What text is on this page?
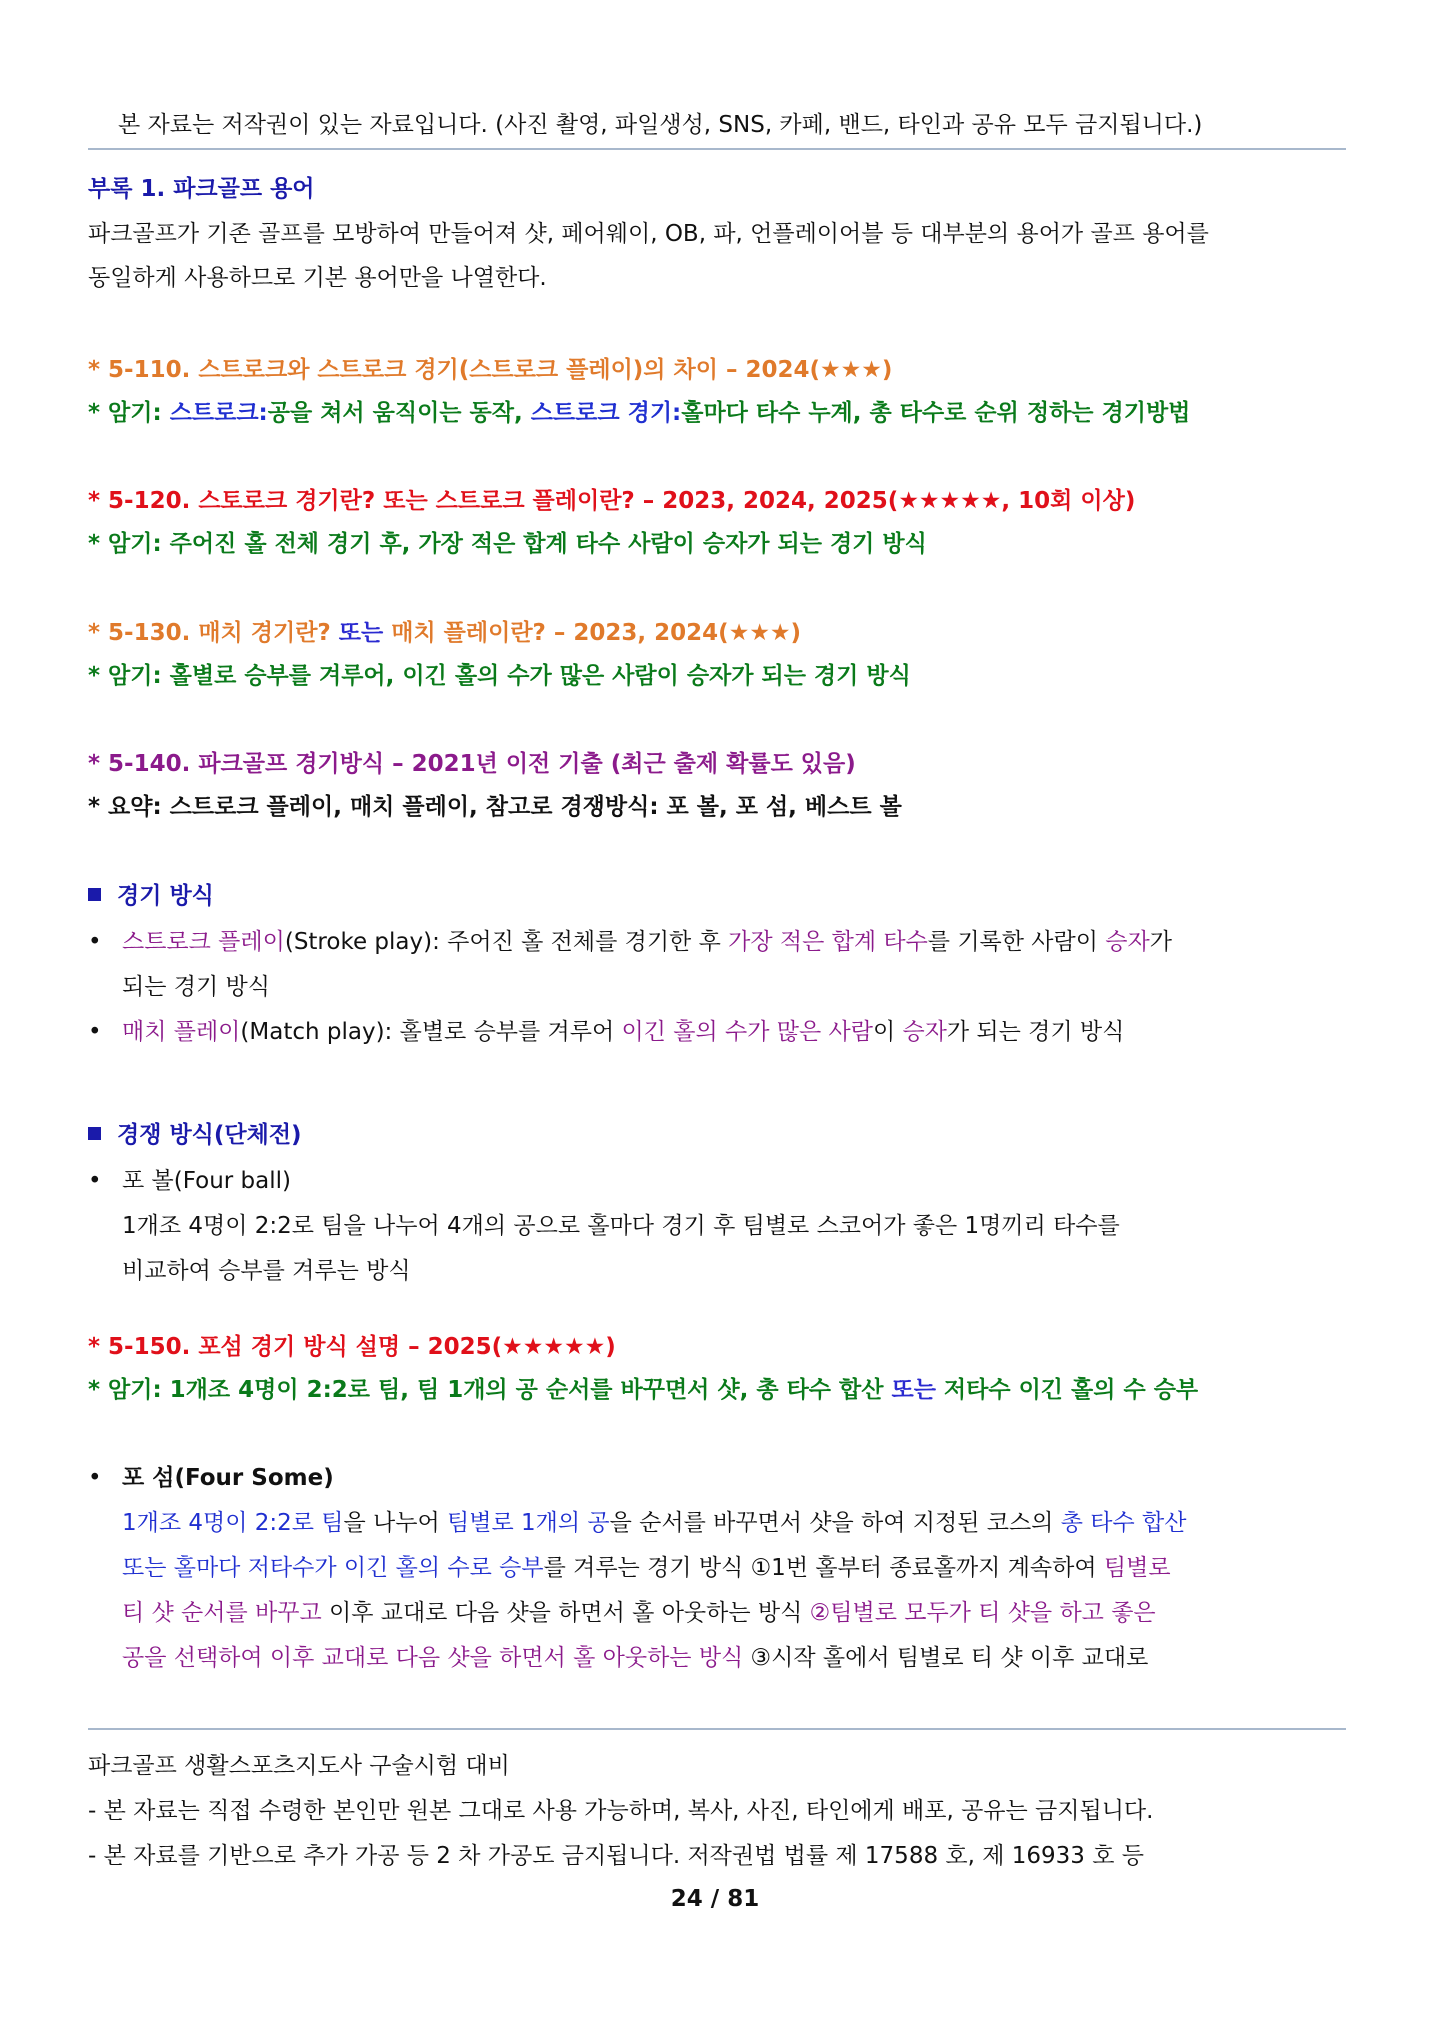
본 자료는 저작권이 있는 자료입니다. (사진 촬영, 파일생성, SNS, 카페, 밴드, 타인과 공유 모두 금지됩니다.)
부록 1. 파크골프 용어
파크골프가 기존 골프를 모방하여 만들어져 샷, 페어웨이, OB, 파, 언플레이어블 등 대부분의 용어가 골프 용어를
동일하게 사용하므로 기본 용어만을 나열한다.
* 5-110. 스트로크와 스트로크 경기(스트로크 플레이)의 차이 – 2024(★★★)
* 암기: 스트로크:공을 쳐서 움직이는 동작, 스트로크 경기:홀마다 타수 누계, 총 타수로 순위 정하는 경기방법
* 5-120. 스토로크 경기란? 또는 스트로크 플레이란? – 2023, 2024, 2025(★★★★★, 10회 이상)
* 암기: 주어진 홀 전체 경기 후, 가장 적은 합계 타수 사람이 승자가 되는 경기 방식
* 5-130. 매치 경기란? 또는 매치 플레이란? – 2023, 2024(★★★)
* 암기: 홀별로 승부를 겨루어, 이긴 홀의 수가 많은 사람이 승자가 되는 경기 방식
* 5-140. 파크골프 경기방식 – 2021년 이전 기출 (최근 출제 확률도 있음)
* 요약: 스트로크 플레이, 매치 플레이, 참고로 경쟁방식: 포 볼, 포 섬, 베스트 볼
경기 방식
• 스트로크 플레이(Stroke play): 주어진 홀 전체를 경기한 후 가장 적은 합계 타수를 기록한 사람이 승자가
되는 경기 방식
• 매치 플레이(Match play): 홀별로 승부를 겨루어 이긴 홀의 수가 많은 사람이 승자가 되는 경기 방식
경쟁 방식(단체전)
• 포 볼(Four ball)
1개조 4명이 2:2로 팀을 나누어 4개의 공으로 홀마다 경기 후 팀별로 스코어가 좋은 1명끼리 타수를
비교하여 승부를 겨루는 방식
* 5-150. 포섬 경기 방식 설명 – 2025(★★★★★)
* 암기: 1개조 4명이 2:2로 팀, 팀 1개의 공 순서를 바꾸면서 샷, 총 타수 합산 또는 저타수 이긴 홀의 수 승부
• 포 섬(Four Some)
1개조 4명이 2:2로 팀을 나누어 팀별로 1개의 공을 순서를 바꾸면서 샷을 하여 지정된 코스의 총 타수 합산
또는 홀마다 저타수가 이긴 홀의 수로 승부를 겨루는 경기 방식 ①1번 홀부터 종료홀까지 계속하여 팀별로
티 샷 순서를 바꾸고 이후 교대로 다음 샷을 하면서 홀 아웃하는 방식 ②팀별로 모두가 티 샷을 하고 좋은
공을 선택하여 이후 교대로 다음 샷을 하면서 홀 아웃하는 방식 ③시작 홀에서 팀별로 티 샷 이후 교대로
파크골프 생활스포츠지도사 구술시험 대비
- 본 자료는 직접 수령한 본인만 원본 그대로 사용 가능하며, 복사, 사진, 타인에게 배포, 공유는 금지됩니다.
- 본 자료를 기반으로 추가 가공 등 2 차 가공도 금지됩니다. 저작권법 법률 제 17588 호, 제 16933 호 등
24 / 81
